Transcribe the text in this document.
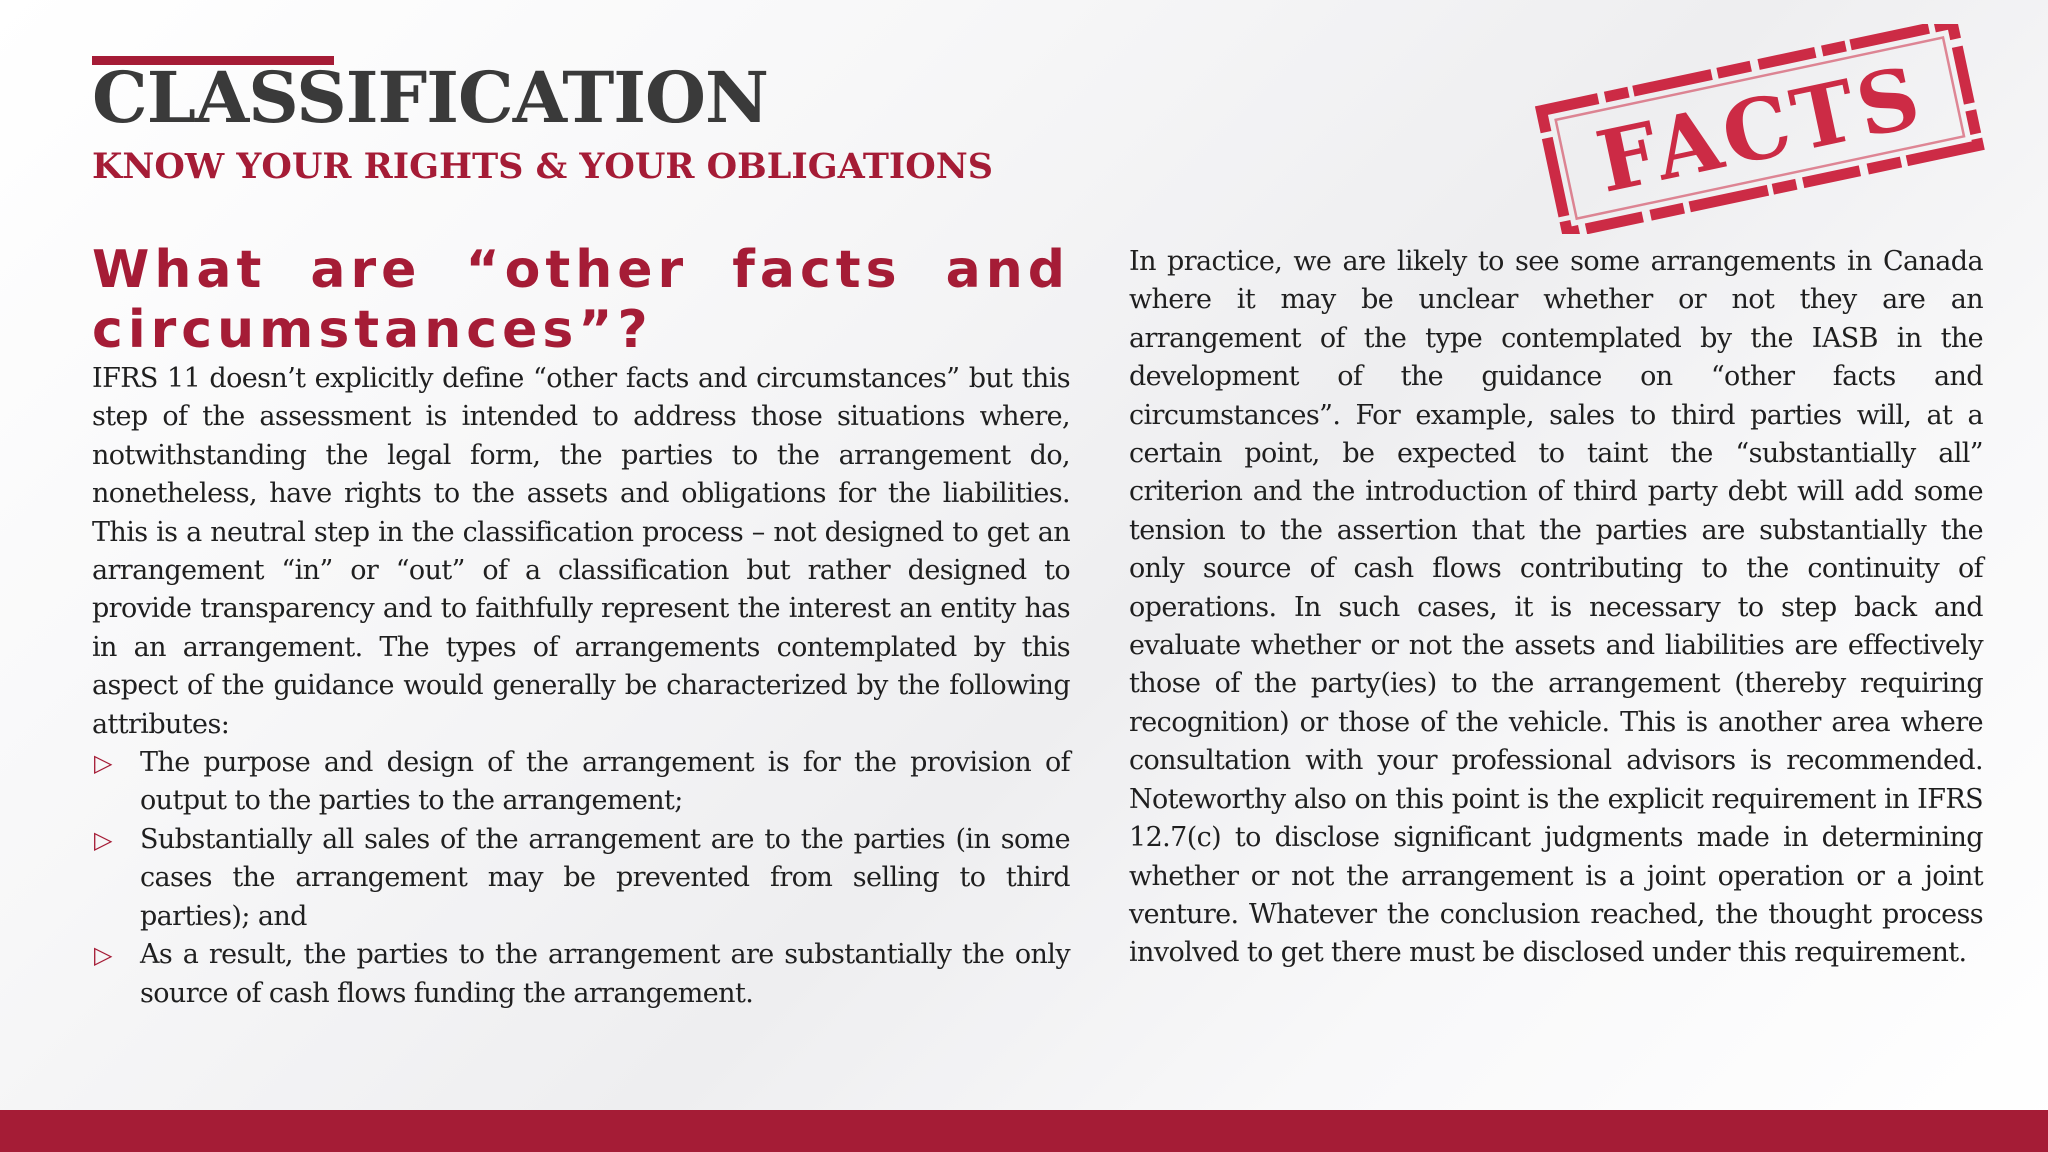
CLASSIFICATION
KNOW YOUR RIGHTS & YOUR OBLIGATIONS	FACTS
What are “other facts and circumstances”?

IFRS 11 doesn’t explicitly define “other facts and circumstances” but this step of the assessment is intended to address those situations where, notwithstanding the legal form, the parties to the arrangement do, nonetheless, have rights to the assets and obligations for the liabilities. This is a neutral step in the classification process – not designed to get an arrangement “in” or “out” of a classification but rather designed to provide transparency and to faithfully represent the interest an entity has in an arrangement. The types of arrangements contemplated by this aspect of the guidance would generally be characterized by the following attributes:

▷ The purpose and design of the arrangement is for the provision of output to the parties to the arrangement;
▷ Substantially all sales of the arrangement are to the parties (in some cases the arrangement may be prevented from selling to third parties); and
▷ As a result, the parties to the arrangement are substantially the only source of cash flows funding the arrangement.

In practice, we are likely to see some arrangements in Canada where it may be unclear whether or not they are an arrangement of the type contemplated by the IASB in the development of the guidance on “other facts and circumstances”. For example, sales to third parties will, at a certain point, be expected to taint the “substantially all” criterion and the introduction of third party debt will add some tension to the assertion that the parties are substantially the only source of cash flows contributing to the continuity of operations. In such cases, it is necessary to step back and evaluate whether or not the assets and liabilities are effectively those of the party(ies) to the arrangement (thereby requiring recognition) or those of the vehicle. This is another area where consultation with your professional advisors is recommended. Noteworthy also on this point is the explicit requirement in IFRS 12.7(c) to disclose significant judgments made in determining whether or not the arrangement is a joint operation or a joint venture. Whatever the conclusion reached, the thought process involved to get there must be disclosed under this requirement.
